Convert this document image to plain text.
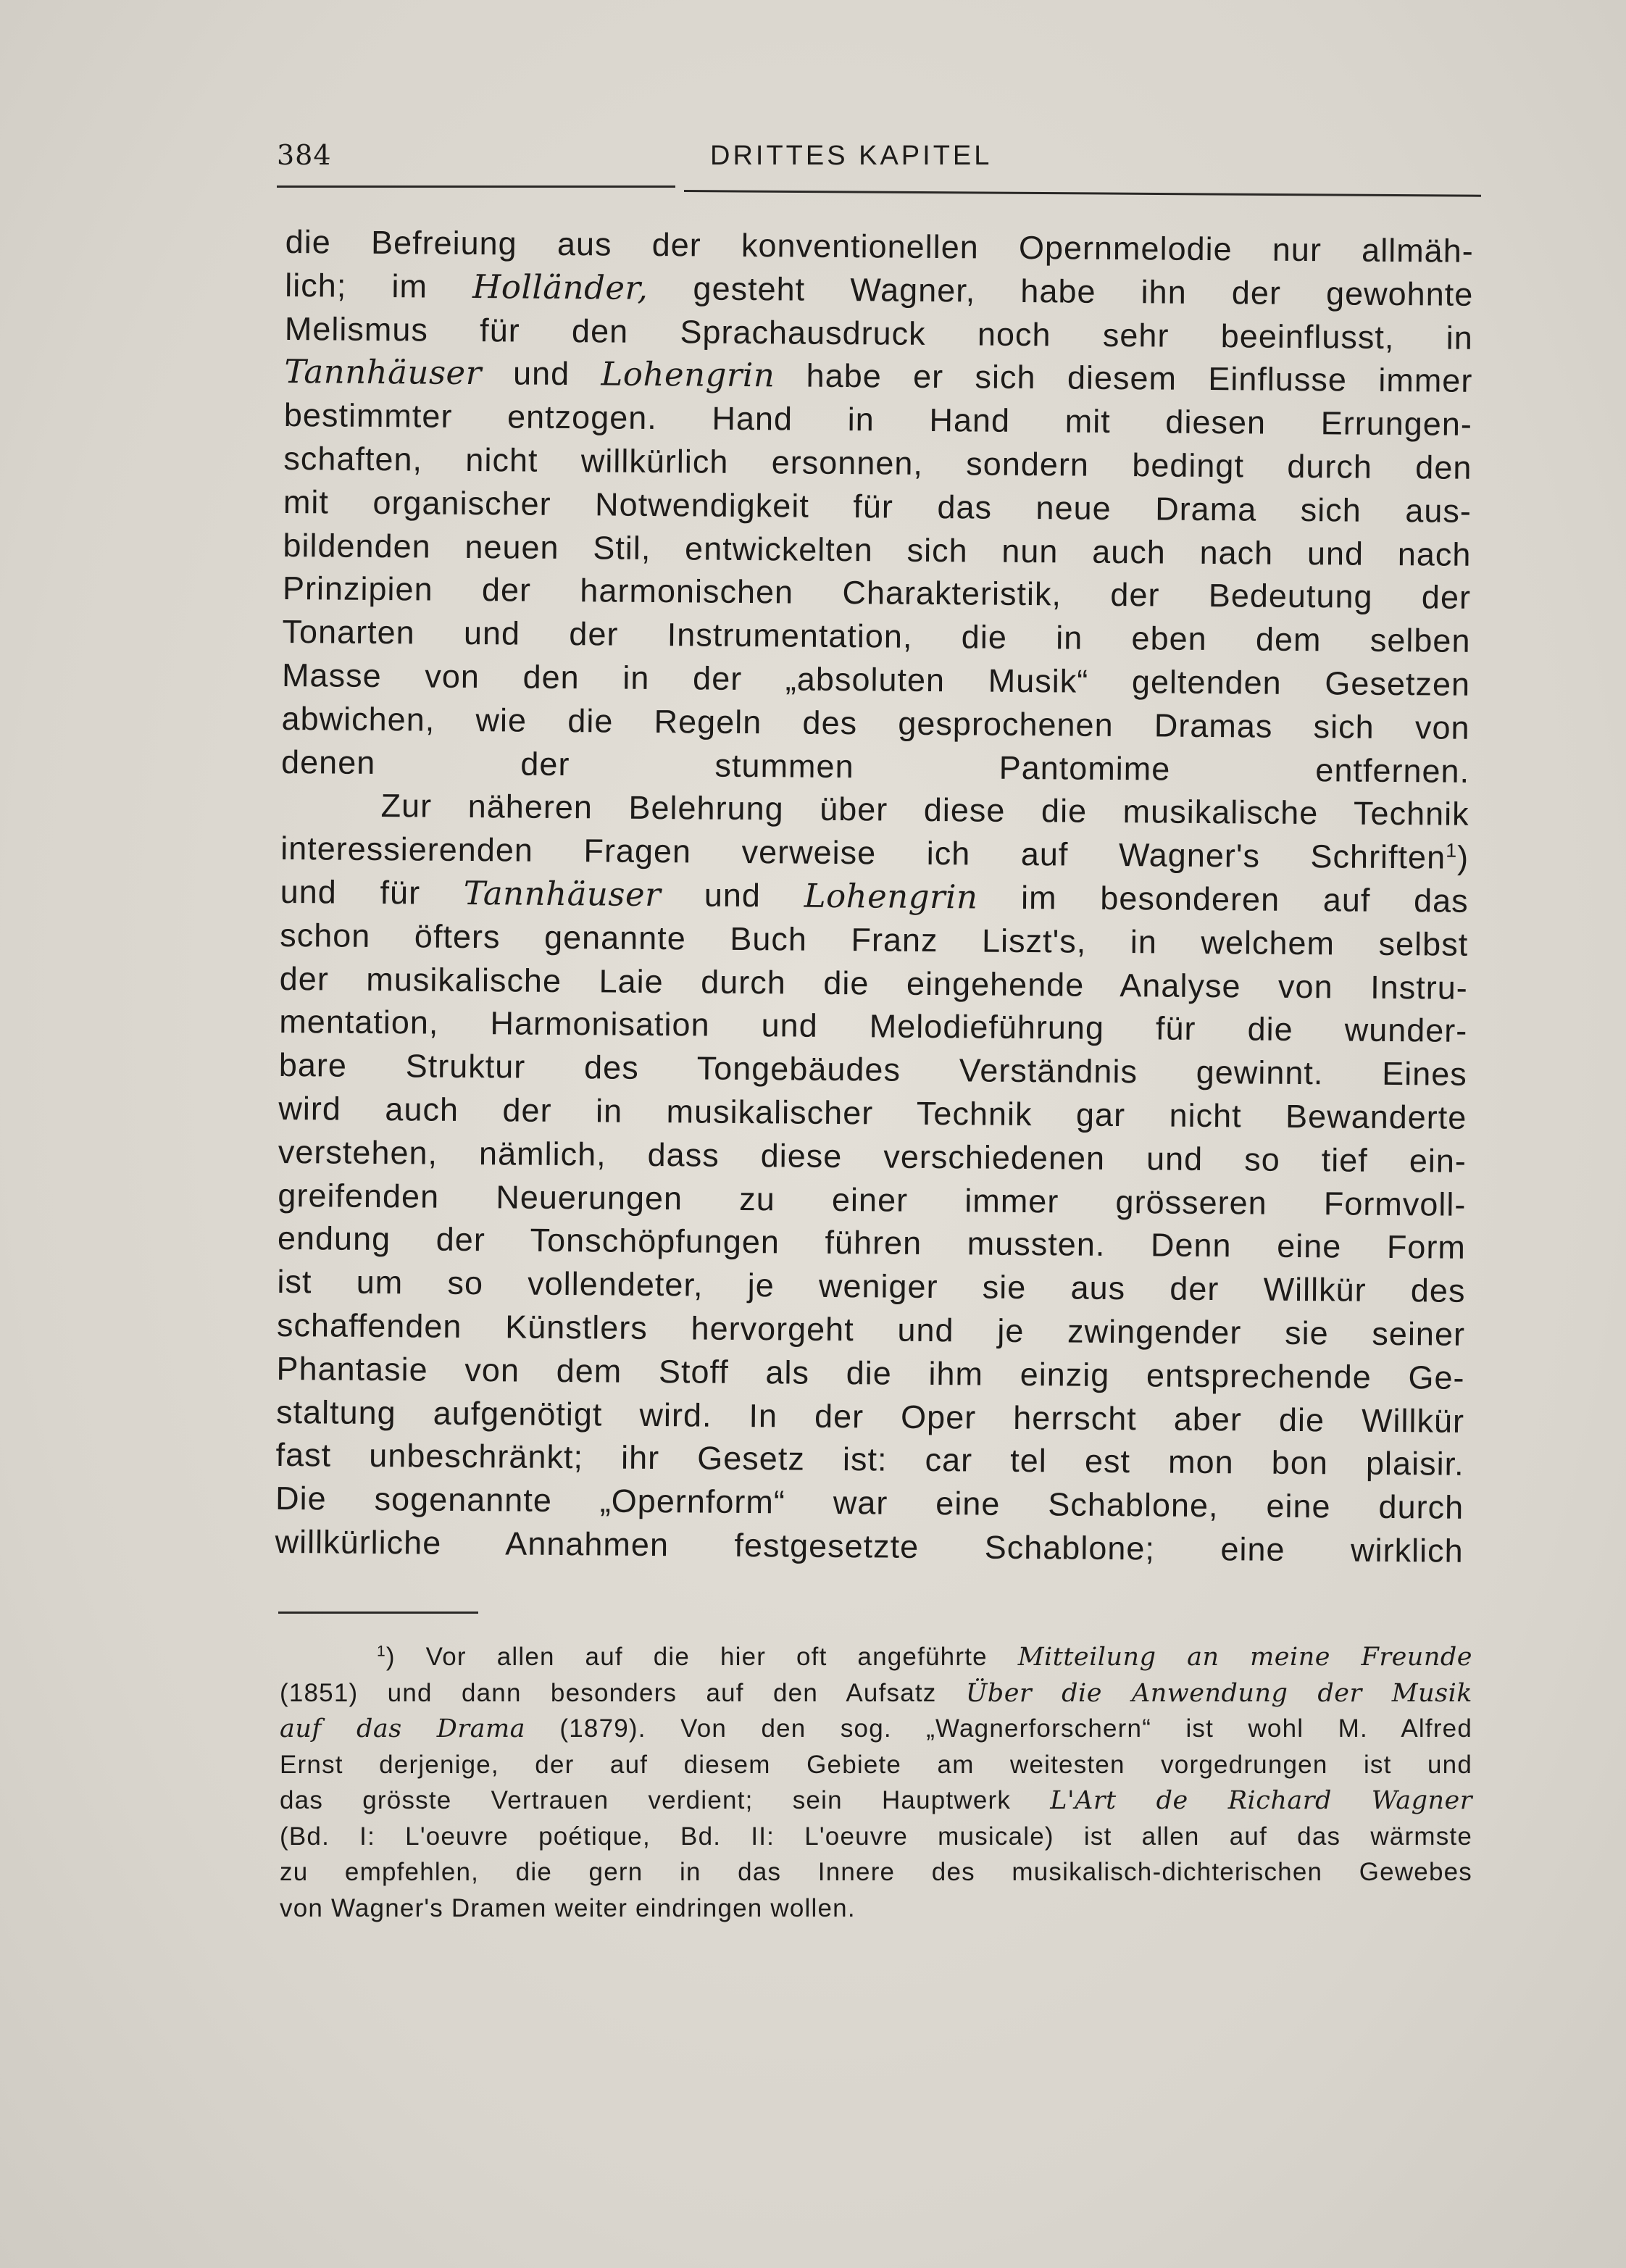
384	DRITTES KAPITEL
die Befreiung aus der konventionellen Opernmelodie nur allmäh-
lich; im Holländer, gesteht Wagner, habe ihn der gewohnte
Melismus für den Sprachausdruck noch sehr beeinflusst, in
Tannhäuser und Lohengrin habe er sich diesem Einflusse immer
bestimmter entzogen. Hand in Hand mit diesen Errungen-
schaften, nicht willkürlich ersonnen, sondern bedingt durch den
mit organischer Notwendigkeit für das neue Drama sich aus-
bildenden neuen Stil, entwickelten sich nun auch nach und nach
Prinzipien der harmonischen Charakteristik, der Bedeutung der
Tonarten und der Instrumentation, die in eben dem selben
Masse von den in der „absoluten Musik“ geltenden Gesetzen
abwichen, wie die Regeln des gesprochenen Dramas sich von
denen der stummen Pantomime entfernen.
Zur näheren Belehrung über diese die musikalische Technik
interessierenden Fragen verweise ich auf Wagner's Schriften$^1$)
und für Tannhäuser und Lohengrin im besonderen auf das
schon öfters genannte Buch Franz Liszt's, in welchem selbst
der musikalische Laie durch die eingehende Analyse von Instru-
mentation, Harmonisation und Melodieführung für die wunder-
bare Struktur des Tongebäudes Verständnis gewinnt. Eines
wird auch der in musikalischer Technik gar nicht Bewanderte
verstehen, nämlich, dass diese verschiedenen und so tief ein-
greifenden Neuerungen zu einer immer grösseren Formvoll-
endung der Tonschöpfungen führen mussten. Denn eine Form
ist um so vollendeter, je weniger sie aus der Willkür des
schaffenden Künstlers hervorgeht und je zwingender sie seiner
Phantasie von dem Stoff als die ihm einzig entsprechende Ge-
staltung aufgenötigt wird. In der Oper herrscht aber die Willkür
fast unbeschränkt; ihr Gesetz ist: car tel est mon bon plaisir.
Die sogenannte „Opernform“ war eine Schablone, eine durch
willkürliche Annahmen festgesetzte Schablone; eine wirklich
$^1$) Vor allen auf die hier oft angeführte Mitteilung an meine Freunde
(1851) und dann besonders auf den Aufsatz Über die Anwendung der Musik
auf das Drama (1879). Von den sog. „Wagnerforschern“ ist wohl M. Alfred
Ernst derjenige, der auf diesem Gebiete am weitesten vorgedrungen ist und
das grösste Vertrauen verdient; sein Hauptwerk L'Art de Richard Wagner
(Bd. I: L'oeuvre poétique, Bd. II: L'oeuvre musicale) ist allen auf das wärmste
zu empfehlen, die gern in das Innere des musikalisch-dichterischen Gewebes
von Wagner's Dramen weiter eindringen wollen.
